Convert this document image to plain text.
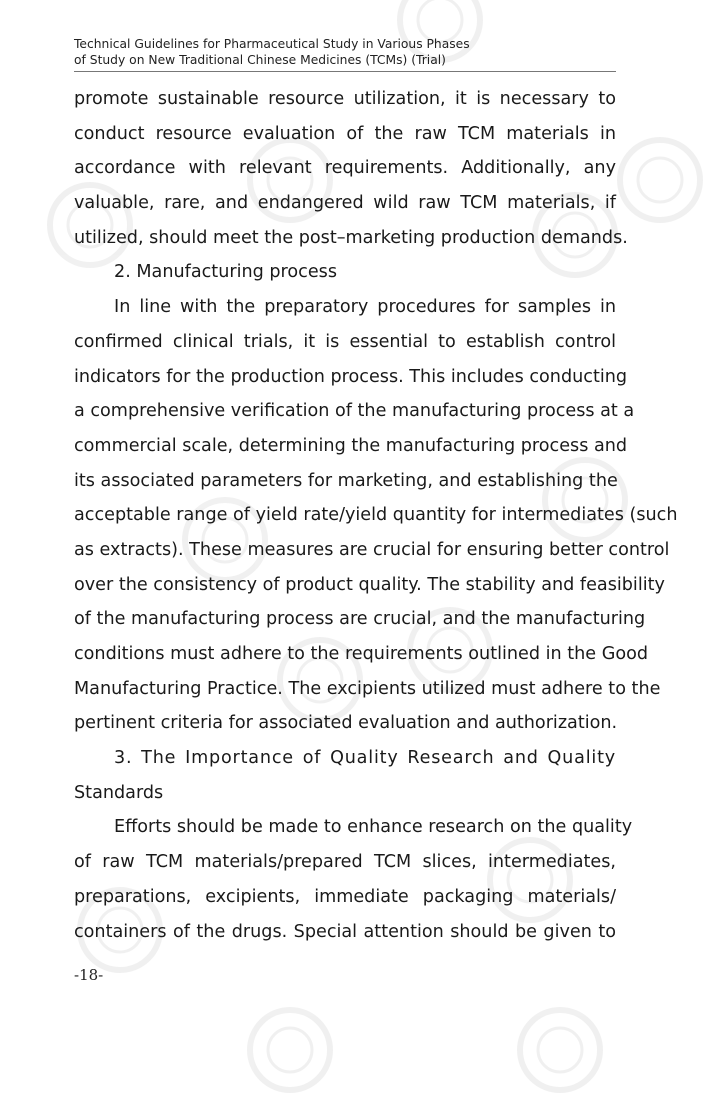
Technical Guidelines for Pharmaceutical Study in Various Phases
of Study on New Traditional Chinese Medicines (TCMs) (Trial)
promote sustainable resource utilization, it is necessary to
conduct resource evaluation of the raw TCM materials in
accordance with relevant requirements. Additionally, any
valuable, rare, and endangered wild raw TCM materials, if
utilized, should meet the post–marketing production demands.
2. Manufacturing process
In line with the preparatory procedures for samples in
confirmed clinical trials, it is essential to establish control
indicators for the production process. This includes conducting
a comprehensive verification of the manufacturing process at a
commercial scale, determining the manufacturing process and
its associated parameters for marketing, and establishing the
acceptable range of yield rate/yield quantity for intermediates (such
as extracts). These measures are crucial for ensuring better control
over the consistency of product quality. The stability and feasibility
of the manufacturing process are crucial, and the manufacturing
conditions must adhere to the requirements outlined in the Good
Manufacturing Practice. The excipients utilized must adhere to the
pertinent criteria for associated evaluation and authorization.
3. The Importance of Quality Research and Quality
Standards
Efforts should be made to enhance research on the quality
of raw TCM materials/prepared TCM slices, intermediates,
preparations, excipients, immediate packaging materials/
containers of the drugs. Special attention should be given to
-18-
